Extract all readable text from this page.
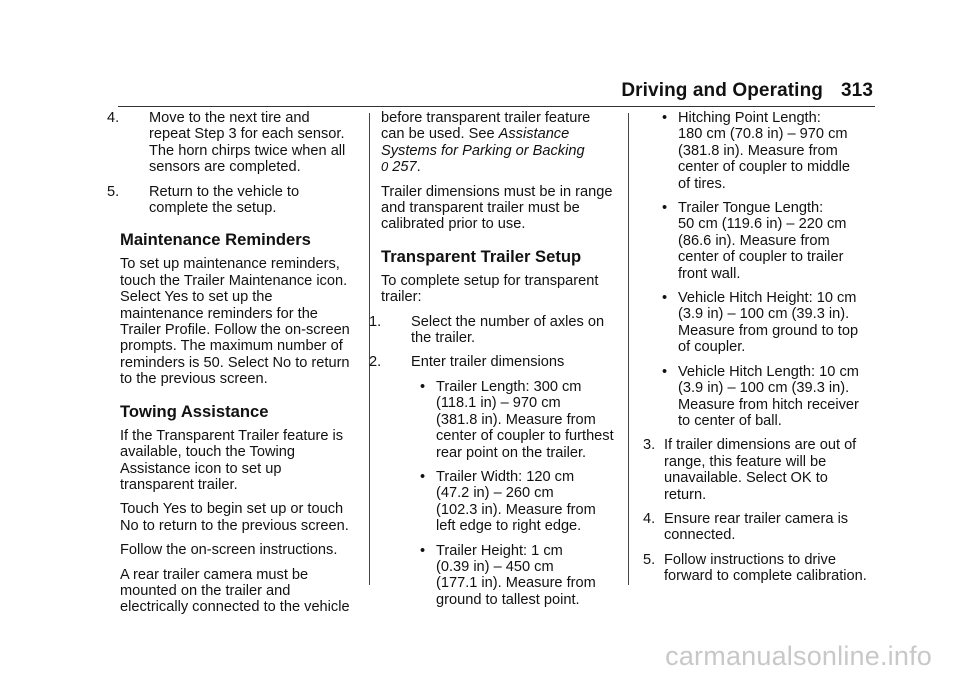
Driving and Operating 313
4. Move to the next tire and
repeat Step 3 for each sensor.
The horn chirps twice when all
sensors are completed.
5. Return to the vehicle to
complete the setup.
Maintenance Reminders

To set up maintenance reminders,
touch the Trailer Maintenance icon.
Select Yes to set up the
maintenance reminders for the
Trailer Profile. Follow the on-screen
prompts. The maximum number of
reminders is 50. Select No to return
to the previous screen.

Towing Assistance

If the Transparent Trailer feature is
available, touch the Towing
Assistance icon to set up
transparent trailer.

Touch Yes to begin set up or touch
No to return to the previous screen.

Follow the on-screen instructions.

A rear trailer camera must be
mounted on the trailer and
electrically connected to the vehicle

before transparent trailer feature
can be used. See Assistance
Systems for Parking or Backing
0 257.

Trailer dimensions must be in range
and transparent trailer must be
calibrated prior to use.

Transparent Trailer Setup

To complete setup for transparent
trailer:

1. Select the number of axles on
the trailer.
2. Enter trailer dimensions
• Trailer Length: 300 cm
(118.1 in) – 970 cm
(381.8 in). Measure from
center of coupler to furthest
rear point on the trailer.
• Trailer Width: 120 cm
(47.2 in) – 260 cm
(102.3 in). Measure from
left edge to right edge.
• Trailer Height: 1 cm
(0.39 in) – 450 cm
(177.1 in). Measure from
ground to tallest point.
• Hitching Point Length:
180 cm (70.8 in) – 970 cm
(381.8 in). Measure from
center of coupler to middle
of tires.
• Trailer Tongue Length:
50 cm (119.6 in) – 220 cm
(86.6 in). Measure from
center of coupler to trailer
front wall.
• Vehicle Hitch Height: 10 cm
(3.9 in) – 100 cm (39.3 in).
Measure from ground to top
of coupler.
• Vehicle Hitch Length: 10 cm
(3.9 in) – 100 cm (39.3 in).
Measure from hitch receiver
to center of ball.
3. If trailer dimensions are out of
range, this feature will be
unavailable. Select OK to
return.
4. Ensure rear trailer camera is
connected.
5. Follow instructions to drive
forward to complete calibration.
carmanualsonline.info
